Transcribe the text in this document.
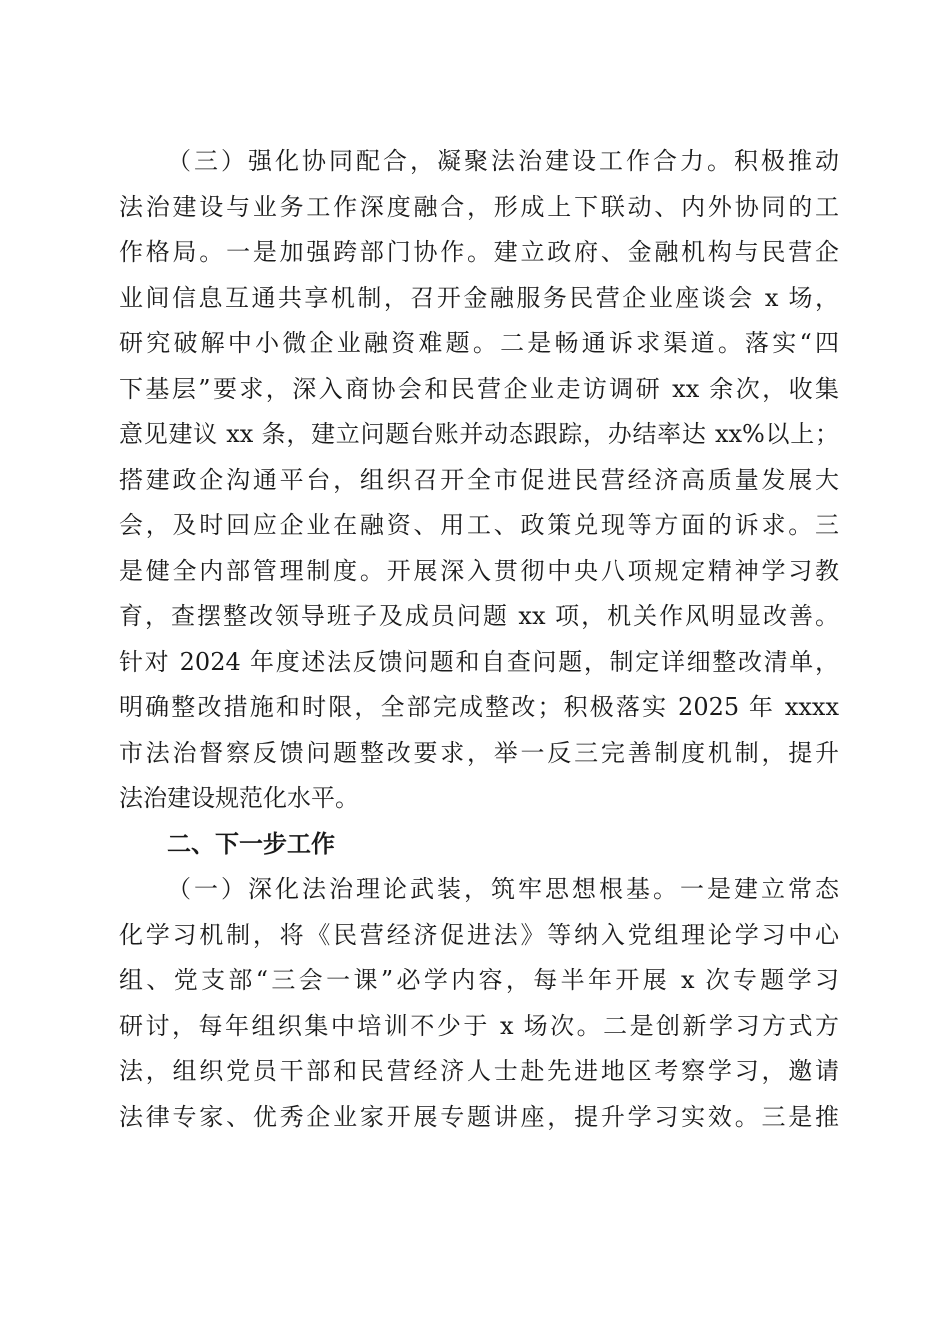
（三）强化协同配合，凝聚法治建设工作合力。积极推动
法治建设与业务工作深度融合，形成上下联动、内外协同的工
作格局。一是加强跨部门协作。建立政府、金融机构与民营企
业间信息互通共享机制，召开金融服务民营企业座谈会 x 场，
研究破解中小微企业融资难题。二是畅通诉求渠道。落实“四
下基层”要求，深入商协会和民营企业走访调研 xx 余次，收集
意见建议 xx 条，建立问题台账并动态跟踪，办结率达 xx%以上；
搭建政企沟通平台，组织召开全市促进民营经济高质量发展大
会，及时回应企业在融资、用工、政策兑现等方面的诉求。三
是健全内部管理制度。开展深入贯彻中央八项规定精神学习教
育，查摆整改领导班子及成员问题 xx 项，机关作风明显改善。
针对 2024 年度述法反馈问题和自查问题，制定详细整改清单，
明确整改措施和时限，全部完成整改；积极落实 2025 年 xxxx
市法治督察反馈问题整改要求，举一反三完善制度机制，提升
法治建设规范化水平。
二、下一步工作
（一）深化法治理论武装，筑牢思想根基。一是建立常态
化学习机制，将《民营经济促进法》等纳入党组理论学习中心
组、党支部“三会一课”必学内容，每半年开展 x 次专题学习
研讨，每年组织集中培训不少于 x 场次。二是创新学习方式方
法，组织党员干部和民营经济人士赴先进地区考察学习，邀请
法律专家、优秀企业家开展专题讲座，提升学习实效。三是推
